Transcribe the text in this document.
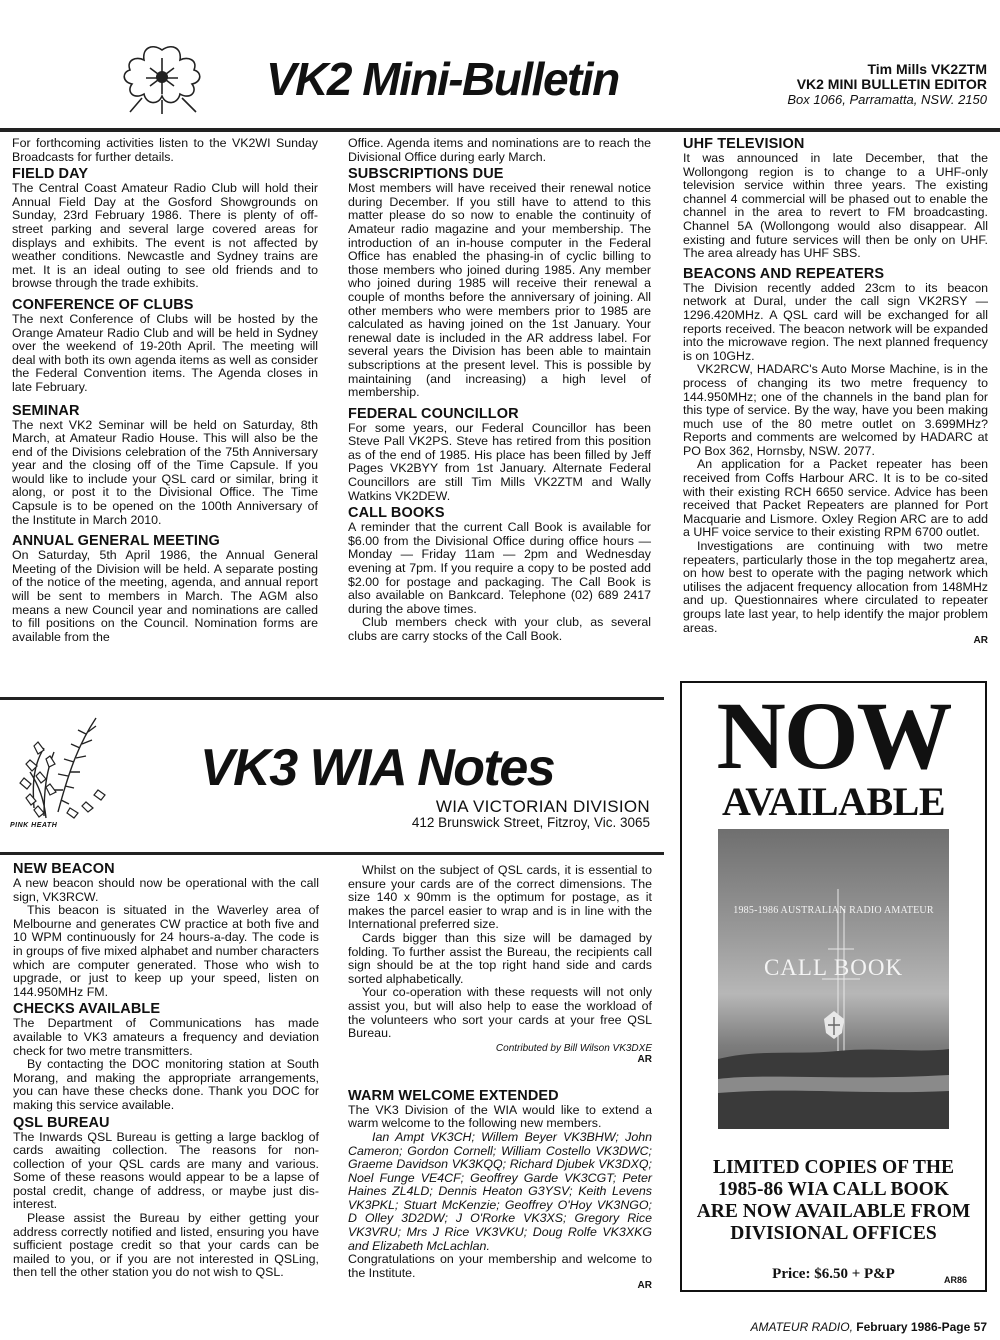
VK2 Mini-Bulletin	Tim Mills VK2ZTM
VK2 MINI BULLETIN EDITOR
Box 1066, Parramatta, NSW. 2150

For forthcoming activities listen to the VK2WI Sunday Broadcasts for further details.

FIELD DAY

The Central Coast Amateur Radio Club will hold their Annual Field Day at the Gosford Showgrounds on Sunday, 23rd February 1986. There is plenty of off-street parking and several large covered areas for displays and exhibits. The event is not affected by weather conditions. Newcastle and Sydney trains are met. It is an ideal outing to see old friends and to browse through the trade exhibits.

CONFERENCE OF CLUBS

The next Conference of Clubs will be hosted by the Orange Amateur Radio Club and will be held in Sydney over the weekend of 19-20th April. The meeting will deal with both its own agenda items as well as consider the Federal Convention items. The Agenda closes in late February.

SEMINAR

The next VK2 Seminar will be held on Saturday, 8th March, at Amateur Radio House. This will also be the end of the Divisions celebration of the 75th Anniversary year and the closing off of the Time Capsule. If you would like to include your QSL card or similar, bring it along, or post it to the Divisional Office. The Time Capsule is to be opened on the 100th Anniversary of the Institute in March 2010.

ANNUAL GENERAL MEETING

On Saturday, 5th April 1986, the Annual General Meeting of the Division will be held. A separate posting of the notice of the meeting, agenda, and annual report will be sent to members in March. The AGM also means a new Council year and nominations are called to fill positions on the Council. Nomination forms are available from the

Office. Agenda items and nominations are to reach the Divisional Office during early March.

SUBSCRIPTIONS DUE

Most members will have received their renewal notice during December. If you still have to attend to this matter please do so now to enable the continuity of Amateur radio magazine and your membership. The introduction of an in-house computer in the Federal Office has enabled the phasing-in of cyclic billing to those members who joined during 1985. Any member who joined during 1985 will receive their renewal a couple of months before the anniversary of joining. All other members who were members prior to 1985 are calculated as having joined on the 1st January. Your renewal date is included in the AR address label. For several years the Division has been able to maintain subscriptions at the present level. This is possible by maintaining (and increasing) a high level of membership.

FEDERAL COUNCILLOR

For some years, our Federal Councillor has been Steve Pall VK2PS. Steve has retired from this position as of the end of 1985. His place has been filled by Jeff Pages VK2BYY from 1st January. Alternate Federal Councillors are still Tim Mills VK2ZTM and Wally Watkins VK2DEW.

CALL BOOKS

A reminder that the current Call Book is available for $6.00 from the Divisional Office during office hours — Monday — Friday 11am — 2pm and Wednesday evening at 7pm. If you require a copy to be posted add $2.00 for postage and packaging. The Call Book is also available on Bankcard. Telephone (02) 689 2417 during the above times.

Club members check with your club, as several clubs are carry stocks of the Call Book.

UHF TELEVISION

It was announced in late December, that the Wollongong region is to change to a UHF-only television service within three years. The existing channel 4 commercial will be phased out to enable the channel in the area to revert to FM broadcasting. Channel 5A (Wollongong would also disappear. All existing and future services will then be only on UHF. The area already has UHF SBS.

BEACONS AND REPEATERS

The Division recently added 23cm to its beacon network at Dural, under the call sign VK2RSY — 1296.420MHz. A QSL card will be exchanged for all reports received. The beacon network will be expanded into the microwave region. The next planned frequency is on 10GHz.

VK2RCW, HADARC's Auto Morse Machine, is in the process of changing its two metre frequency to 144.950MHz; one of the channels in the band plan for this type of service. By the way, have you been making much use of the 80 metre outlet on 3.699MHz? Reports and comments are welcomed by HADARC at PO Box 362, Hornsby, NSW. 2077.

An application for a Packet repeater has been received from Coffs Harbour ARC. It is to be co-sited with their existing RCH 6650 service. Advice has been received that Packet Repeaters are planned for Port Macquarie and Lismore. Oxley Region ARC are to add a UHF voice service to their existing RPM 6700 outlet.

Investigations are continuing with two metre repeaters, particularly those in the top megahertz area, on how best to operate with the paging network which utilises the adjacent frequency allocation from 148MHz and up. Questionnaires where circulated to repeater groups late last year, to help identify the major problem areas.

AR
PINK HEATH
VK3 WIA Notes
WIA VICTORIAN DIVISION
412 Brunswick Street, Fitzroy, Vic. 3065
NEW BEACON

A new beacon should now be operational with the call sign, VK3RCW.

This beacon is situated in the Waverley area of Melbourne and generates CW practice at both five and 10 WPM continuously for 24 hours-a-day. The code is in groups of five mixed alphabet and number characters which are computer generated. Those who wish to upgrade, or just to keep up your speed, listen on 144.950MHz FM.

CHECKS AVAILABLE

The Department of Communications has made available to VK3 amateurs a frequency and deviation check for two metre transmitters.

By contacting the DOC monitoring station at South Morang, and making the appropriate arrangements, you can have these checks done. Thank you DOC for making this service available.

QSL BUREAU

The Inwards QSL Bureau is getting a large backlog of cards awaiting collection. The reasons for non-collection of your QSL cards are many and various. Some of these reasons would appear to be a lapse of postal credit, change of address, or maybe just dis-interest.

Please assist the Bureau by either getting your address correctly notified and listed, ensuring you have sufficient postage credit so that your cards can be mailed to you, or if you are not interested in QSLing, then tell the other station you do not wish to QSL.

Whilst on the subject of QSL cards, it is essential to ensure your cards are of the correct dimensions. The size 140 x 90mm is the optimum for postage, as it makes the parcel easier to wrap and is in line with the International preferred size.

Cards bigger than this size will be damaged by folding. To further assist the Bureau, the recipients call sign should be at the top right hand side and cards sorted alphabetically.

Your co-operation with these requests will not only assist you, but will also help to ease the workload of the volunteers who sort your cards at your free QSL Bureau.

Contributed by Bill Wilson VK3DXE
AR
WARM WELCOME EXTENDED

The VK3 Division of the WIA would like to extend a warm welcome to the following new members.

Ian Ampt VK3CH; Willem Beyer VK3BHW; John Cameron; Gordon Cornell; William Costello VK3DWC; Graeme Davidson VK3KQQ; Richard Djubek VK3DXQ; Noel Funge VE4CF; Geoffrey Garde VK3CGT; Peter Haines ZL4LD; Dennis Heaton G3YSV; Keith Levens VK3PKL; Stuart McKenzie; Geoffrey O'Hoy VK3NGO; D Olley 3D2DW; J O'Rorke VK3XS; Gregory Rice VK3VRU; Mrs J Rice VK3VKU; Doug Rolfe VK3XKG and Elizabeth McLachlan.

Congratulations on your membership and welcome to the Institute.

AR
NOW
AVAILABLE
1985-1986 AUSTRALIAN RADIO AMATEUR
CALL BOOK
LIMITED COPIES OF THE 1985-86 WIA CALL BOOK ARE NOW AVAILABLE FROM DIVISIONAL OFFICES
Price: $6.50 + P&P	AR86
AMATEUR RADIO, February 1986-Page 57
